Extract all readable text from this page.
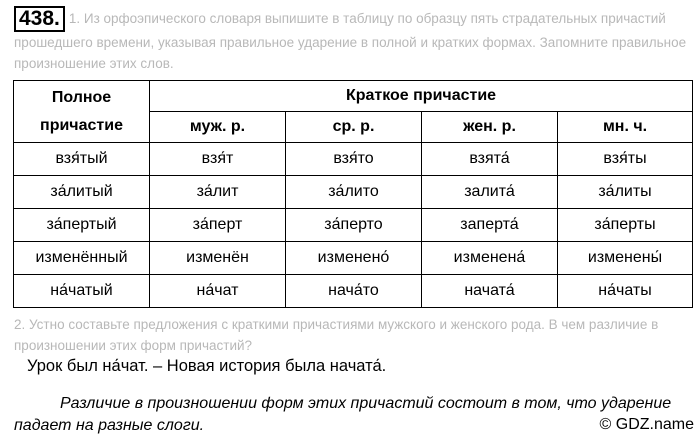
438. 1. Из орфоэпического словаря выпишите в таблицу по образцу пять страдательных причастий прошедшего времени, указывая правильное ударение в полной и кратких формах. Запомните правильное произношение этих слов.
Полное
причастие	Краткое причастие			
	муж. р.	ср. р.	жен. р.	мн. ч.
взя́тый	взя́т	взя́то	взята́	взя́ты
за́литый	за́лит	за́лито	залита́	за́литы
за́пертый	за́перт	за́перто	заперта́	за́перты
изменённый	изменён	изменено́	изменена́	изменены́
на́чатый	на́чат	нача́то	начата́	на́чаты
2. Устно составьте предложения с краткими причастиями мужского и женского рода. В чем различие в произношении этих форм причастий?
Урок был на́чат. – Новая история была начата́.
Различие в произношении форм этих причастий состоит в том, что ударение падает на разные слоги.	© GDZ.name
